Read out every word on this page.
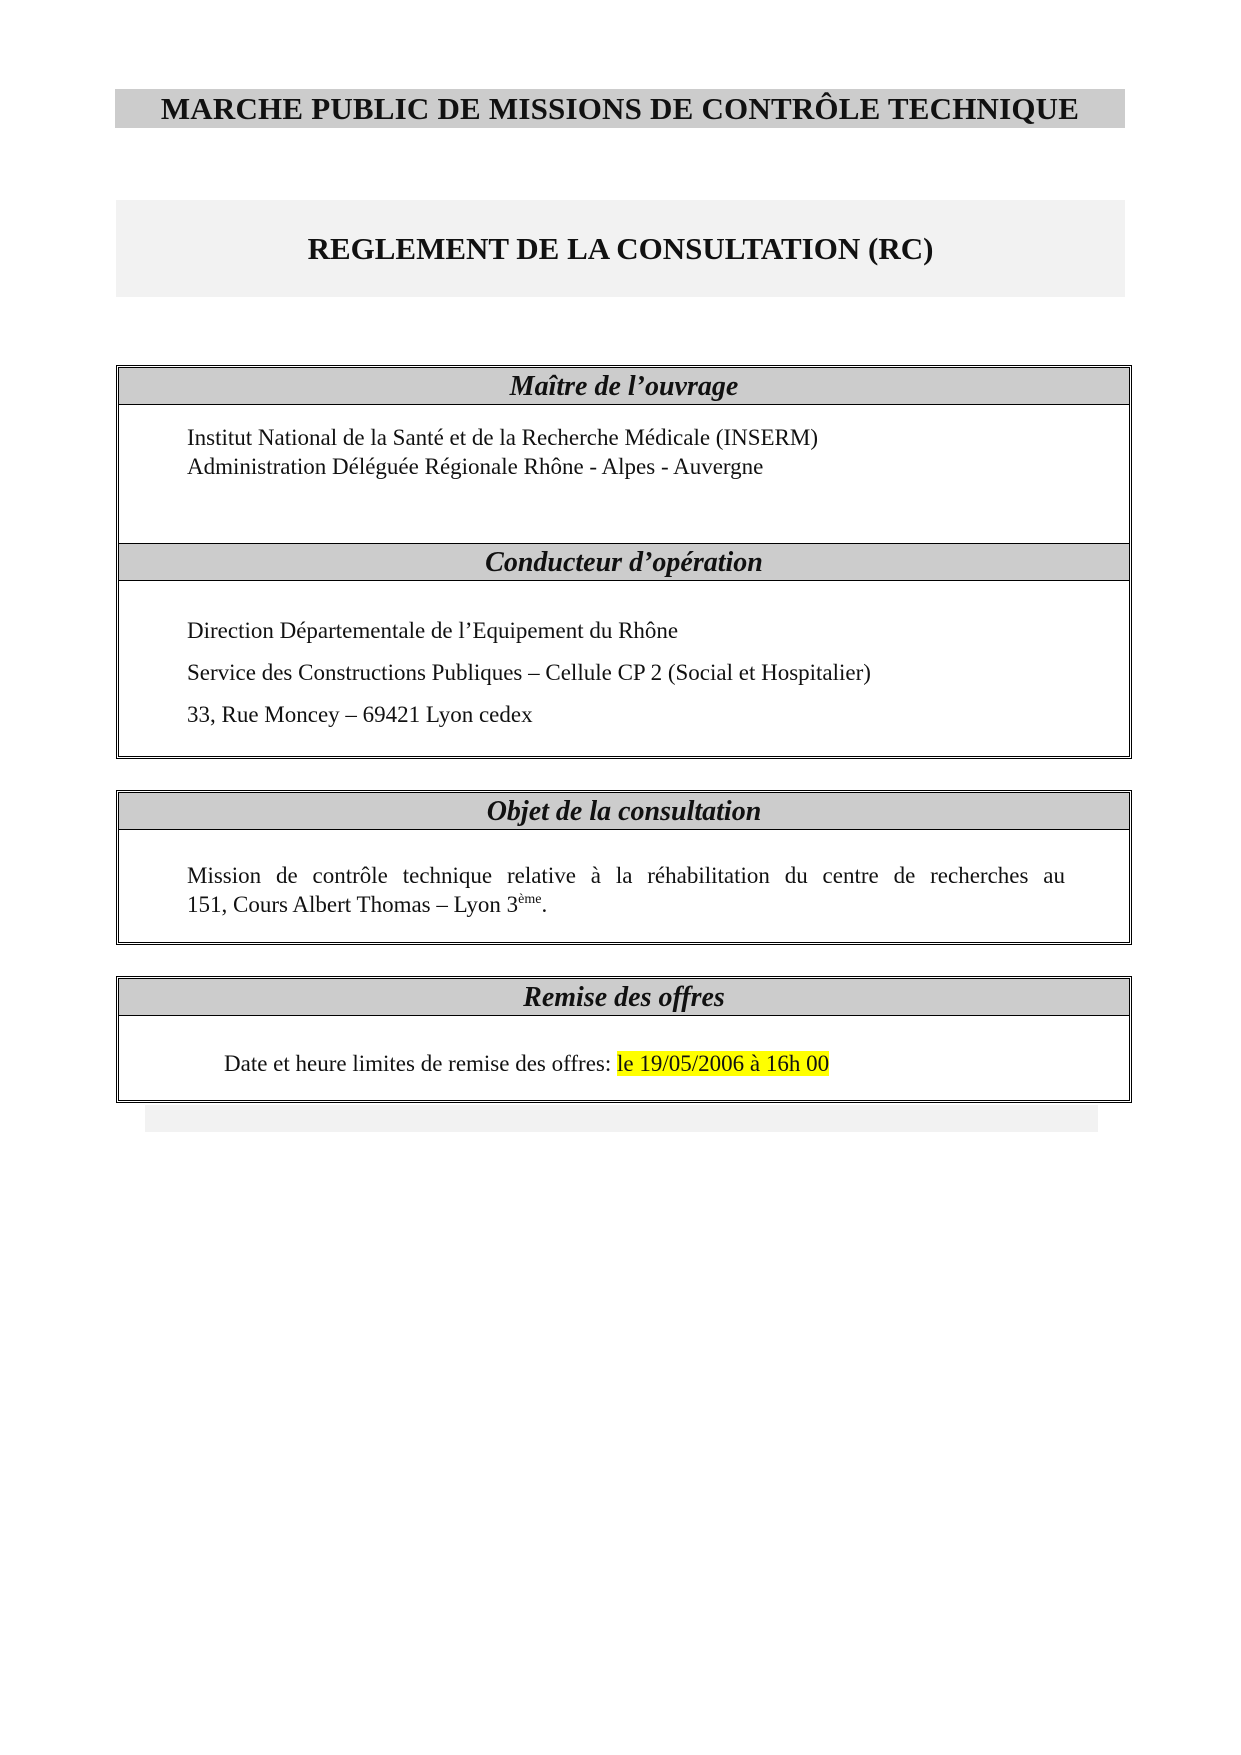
MARCHE PUBLIC DE MISSIONS DE CONTRÔLE TECHNIQUE
REGLEMENT DE LA CONSULTATION (RC)
Maître de l’ouvrage
Institut National de la Santé et de la Recherche Médicale (INSERM)
Administration Déléguée Régionale Rhône - Alpes - Auvergne
Conducteur d’opération
Direction Départementale de l’Equipement du Rhône
Service des Constructions Publiques – Cellule CP 2 (Social et Hospitalier)
33, Rue Moncey – 69421 Lyon cedex
Objet de la consultation
Mission de contrôle technique relative à la réhabilitation du centre de recherches au
151, Cours Albert Thomas – Lyon 3ème.
Remise des offres
Date et heure limites de remise des offres: le 19/05/2006 à 16h 00
